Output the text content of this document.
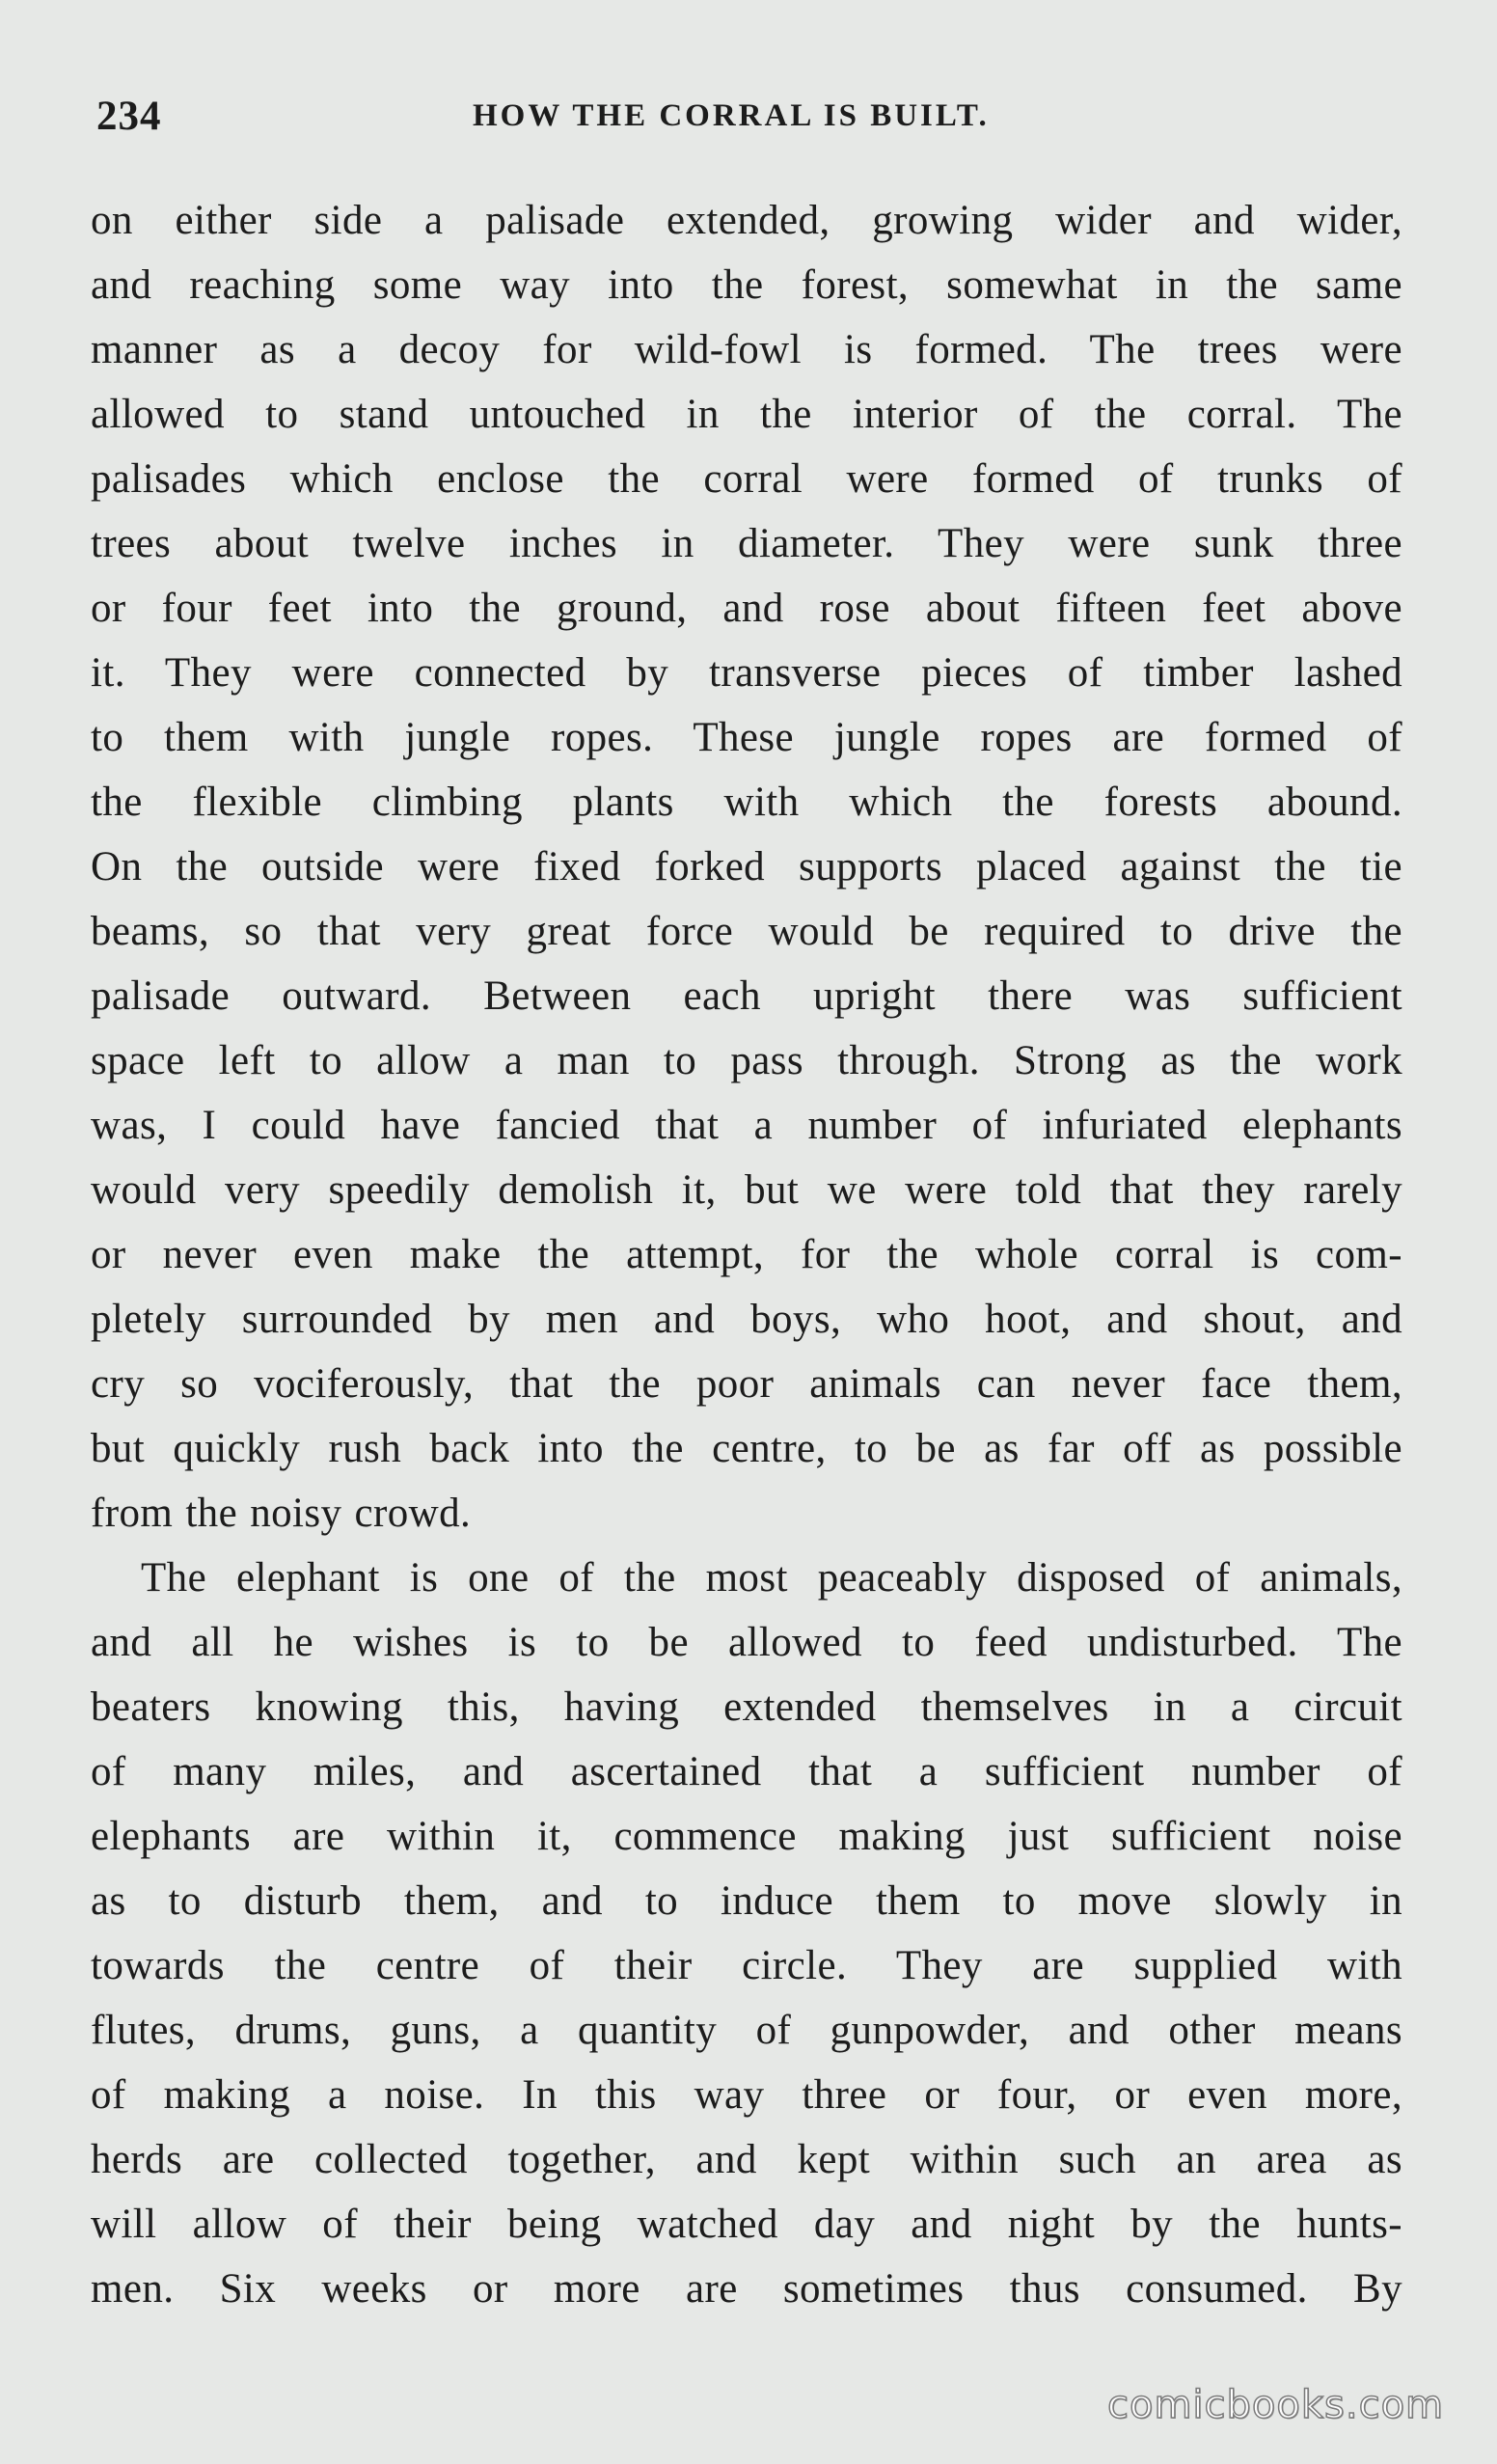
234	HOW THE CORRAL IS BUILT.
on either side a palisade extended, growing wider and wider,
and reaching some way into the forest, somewhat in the same
manner as a decoy for wild-fowl is formed. The trees were
allowed to stand untouched in the interior of the corral. The
palisades which enclose the corral were formed of trunks of
trees about twelve inches in diameter. They were sunk three
or four feet into the ground, and rose about fifteen feet above
it. They were connected by transverse pieces of timber lashed
to them with jungle ropes. These jungle ropes are formed of
the flexible climbing plants with which the forests abound.
On the outside were fixed forked supports placed against the tie
beams, so that very great force would be required to drive the
palisade outward. Between each upright there was sufficient
space left to allow a man to pass through. Strong as the work
was, I could have fancied that a number of infuriated elephants
would very speedily demolish it, but we were told that they rarely
or never even make the attempt, for the whole corral is com-
pletely surrounded by men and boys, who hoot, and shout, and
cry so vociferously, that the poor animals can never face them,
but quickly rush back into the centre, to be as far off as possible
from the noisy crowd.
The elephant is one of the most peaceably disposed of animals,
and all he wishes is to be allowed to feed undisturbed. The
beaters knowing this, having extended themselves in a circuit
of many miles, and ascertained that a sufficient number of
elephants are within it, commence making just sufficient noise
as to disturb them, and to induce them to move slowly in
towards the centre of their circle. They are supplied with
flutes, drums, guns, a quantity of gunpowder, and other means
of making a noise. In this way three or four, or even more,
herds are collected together, and kept within such an area as
will allow of their being watched day and night by the hunts-
men. Six weeks or more are sometimes thus consumed. By
comicbooks.com
